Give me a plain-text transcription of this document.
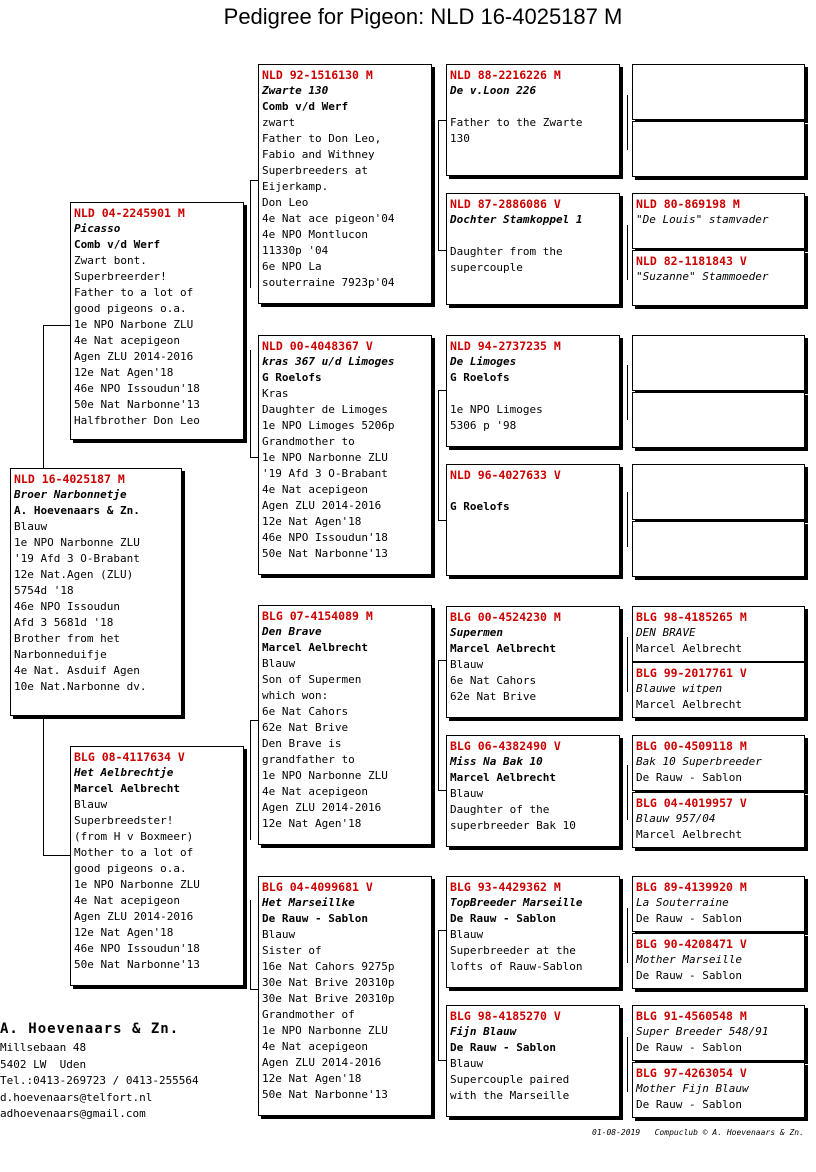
Pedigree for Pigeon: NLD 16-4025187 M
NLD 16-4025187 M
Broer Narbonnetje
A. Hoevenaars & Zn.
Blauw
1e NPO Narbonne ZLU
'19 Afd 3 O-Brabant
12e Nat.Agen (ZLU)
5754d '18
46e NPO Issoudun
Afd 3 5681d '18
Brother from het
Narbonneduifje
4e Nat. Asduif Agen
10e Nat.Narbonne dv.
NLD 04-2245901 M
Picasso
Comb v/d Werf
Zwart bont.
Superbreerder!
Father to a lot of
good pigeons o.a.
1e NPO Narbone ZLU
4e Nat acepigeon
Agen ZLU 2014-2016
12e Nat Agen'18
46e NPO Issoudun'18
50e Nat Narbonne'13
Halfbrother Don Leo
BLG 08-4117634 V
Het Aelbrechtje
Marcel Aelbrecht
Blauw
Superbreedster!
(from H v Boxmeer)
Mother to a lot of
good pigeons o.a.
1e NPO Narbonne ZLU
4e Nat acepigeon
Agen ZLU 2014-2016
12e Nat Agen'18
46e NPO Issoudun'18
50e Nat Narbonne'13
NLD 92-1516130 M
Zwarte 130
Comb v/d Werf
zwart
Father to Don Leo,
Fabio and Withney
Superbreeders at
Eijerkamp.
Don Leo
4e Nat ace pigeon'04
4e NPO Montlucon
11330p '04
6e NPO La
souterraine 7923p'04
NLD 00-4048367 V
kras 367 u/d Limoges
G Roelofs
Kras
Daughter de Limoges
1e NPO Limoges 5206p
Grandmother to
1e NPO Narbonne ZLU
'19 Afd 3 O-Brabant
4e Nat acepigeon
Agen ZLU 2014-2016
12e Nat Agen'18
46e NPO Issoudun'18
50e Nat Narbonne'13
BLG 07-4154089 M
Den Brave
Marcel Aelbrecht
Blauw
Son of Supermen
which won:
6e Nat Cahors
62e Nat Brive
Den Brave is
grandfather to
1e NPO Narbonne ZLU
4e Nat acepigeon
Agen ZLU 2014-2016
12e Nat Agen'18
BLG 04-4099681 V
Het Marseillke
De Rauw - Sablon
Blauw
Sister of
16e Nat Cahors 9275p
30e Nat Brive 20310p
30e Nat Brive 20310p
Grandmother of
1e NPO Narbonne ZLU
4e Nat acepigeon
Agen ZLU 2014-2016
12e Nat Agen'18
50e Nat Narbonne'13
NLD 88-2216226 M
De v.Loon 226
Father to the Zwarte
130
NLD 87-2886086 V
Dochter Stamkoppel 1
Daughter from the
supercouple
NLD 94-2737235 M
De Limoges
G Roelofs
1e NPO Limoges
5306 p '98
NLD 96-4027633 V
G Roelofs
BLG 00-4524230 M
Supermen
Marcel Aelbrecht
Blauw
6e Nat Cahors
62e Nat Brive
BLG 06-4382490 V
Miss Na Bak 10
Marcel Aelbrecht
Blauw
Daughter of the
superbreeder Bak 10
BLG 93-4429362 M
TopBreeder Marseille
De Rauw - Sablon
Blauw
Superbreeder at the
lofts of Rauw-Sablon
BLG 98-4185270 V
Fijn Blauw
De Rauw - Sablon
Blauw
Supercouple paired
with the Marseille
NLD 80-869198 M
"De Louis" stamvader
NLD 82-1181843 V
"Suzanne" Stammoeder
BLG 98-4185265 M
DEN BRAVE
Marcel Aelbrecht
BLG 99-2017761 V
Blauwe witpen
Marcel Aelbrecht
BLG 00-4509118 M
Bak 10 Superbreeder
De Rauw - Sablon
BLG 04-4019957 V
Blauw 957/04
Marcel Aelbrecht
BLG 89-4139920 M
La Souterraine
De Rauw - Sablon
BLG 90-4208471 V
Mother Marseille
De Rauw - Sablon
BLG 91-4560548 M
Super Breeder 548/91
De Rauw - Sablon
BLG 97-4263054 V
Mother Fijn Blauw
De Rauw - Sablon
A. Hoevenaars & Zn.
Millsebaan 48
5402 LW  Uden
Tel.:0413-269723 / 0413-255564
d.hoevenaars@telfort.nl
adhoevenaars@gmail.com
01-08-2019   Compuclub © A. Hoevenaars & Zn.
